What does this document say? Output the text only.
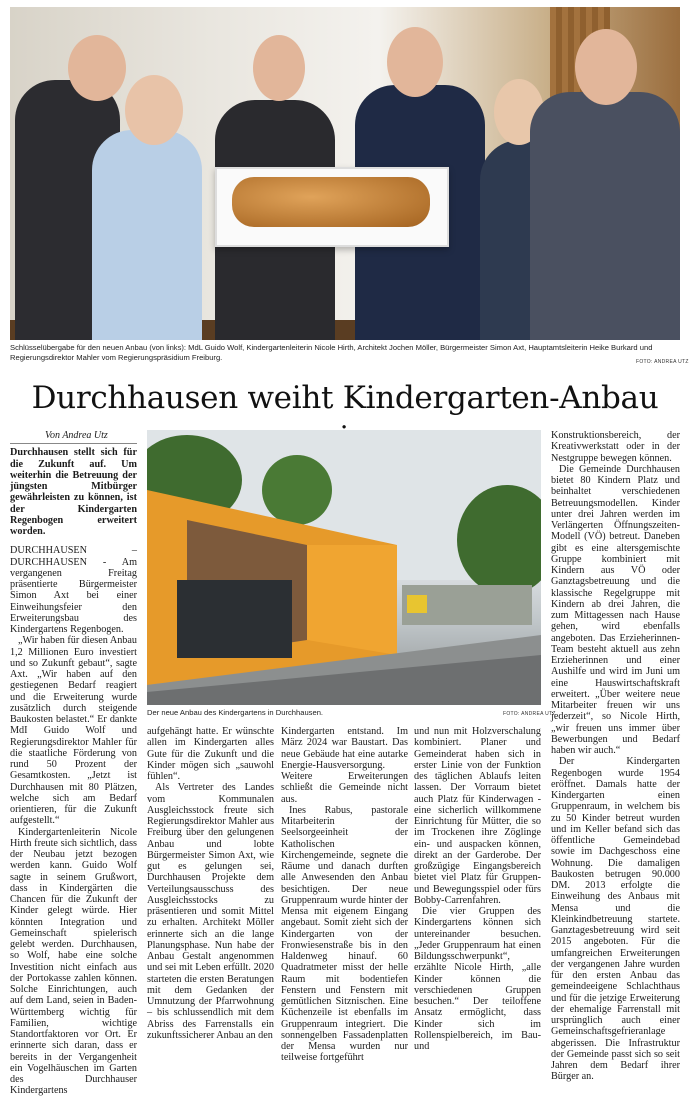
Schlüsselübergabe für den neuen Anbau (von links): MdL Guido Wolf, Kindergartenleiterin Nicole Hirth, Architekt Jochen Möller, Bürgermeister Simon Axt, Hauptamtsleiterin Heike Burkard und Regierungsdirektor Mahler vom Regierungspräsidium Freiburg.	FOTO: ANDREA UTZ
Durchhausen weiht Kindergarten-Anbau
Von Andrea Utz

Durchhausen stellt sich für die Zukunft auf. Um weiterhin die Betreuung der jüngsten Mitbürger gewährleisten zu können, ist der Kindergarten Regenbogen erweitert worden.

DURCHHAUSEN – DURCHHAUSEN - Am vergangenen Freitag präsentierte Bürgermeister Simon Axt bei einer Einweihungsfeier den Erweiterungsbau des Kindergartens Regenbogen.

„Wir haben für diesen Anbau 1,2 Millionen Euro investiert und so Zukunft gebaut“, sagte Axt. „Wir haben auf den gestiegenen Bedarf reagiert und die Erweiterung wurde zusätzlich durch steigende Baukosten belastet.“ Er dankte MdI Guido Wolf und Regierungsdirektor Mahler für die staatliche Förderung von rund 50 Prozent der Gesamtkosten. „Jetzt ist Durchhausen mit 80 Plätzen, welche sich am Bedarf orientieren, für die Zukunft aufgestellt.“

Kindergartenleiterin Nicole Hirth freute sich sichtlich, dass der Neubau jetzt bezogen werden kann. Guido Wolf sagte in seinem Grußwort, dass in Kindergärten die Chancen für die Zukunft der Kinder gelegt würde. Hier könnten Integration und Gemeinschaft spielerisch gelebt werden. Durchhausen, so Wolf, habe eine solche Investition nicht einfach aus der Portokasse zahlen können. Solche Einrichtungen, auch auf dem Land, seien in Baden-Württemberg wichtig für Familien, wichtige Standortfaktoren vor Ort. Er erinnerte sich daran, dass er bereits in der Vergangenheit ein Vogelhäuschen im Garten des Durchhauser Kindergartens

Der neue Anbau des Kindergartens in Durchhausen.	FOTO: ANDREA UTZ

aufgehängt hatte. Er wünschte allen im Kindergarten alles Gute für die Zukunft und die Kinder mögen sich „sauwohl fühlen“.

Als Vertreter des Landes vom Kommunalen Ausgleichsstock freute sich Regierungsdirektor Mahler aus Freiburg über den gelungenen Anbau und lobte Bürgermeister Simon Axt, wie gut es gelungen sei, Durchhausen Projekte dem Verteilungsausschuss des Ausgleichsstocks zu präsentieren und somit Mittel zu erhalten. Architekt Möller erinnerte sich an die lange Planungsphase. Nun habe der Anbau Gestalt angenommen und sei mit Leben erfüllt. 2020 starteten die ersten Beratungen mit dem Gedanken der Umnutzung der Pfarrwohnung – bis schlussendlich mit dem Abriss des Farrenstalls ein zukunftssicherer Anbau an den

Kindergarten entstand. Im März 2024 war Baustart. Das neue Gebäude hat eine autarke Energie-Hausversorgung. Weitere Erweiterungen schließt die Gemeinde nicht aus.

Ines Rabus, pastorale Mitarbeiterin der Seelsorgeeinheit der Katholischen Kirchengemeinde, segnete die Räume und danach durften alle Anwesenden den Anbau besichtigen. Der neue Gruppenraum wurde hinter der Mensa mit eigenem Eingang angebaut. Somit zieht sich der Kindergarten von der Fronwiesenstraße bis in den Haldenweg hinauf. 60 Quadratmeter misst der helle Raum mit bodentiefen Fenstern und Fenstern mit gemütlichen Sitznischen. Eine Küchenzeile ist ebenfalls im Gruppenraum integriert. Die sonnengelben Fassadenplatten der Mensa wurden nur teilweise fortgeführt

und nun mit Holzverschalung kombiniert. Planer und Gemeinderat haben sich in erster Linie von der Funktion des täglichen Ablaufs leiten lassen. Der Vorraum bietet auch Platz für Kinderwagen - eine sicherlich willkommene Einrichtung für Mütter, die so im Trockenen ihre Zöglinge ein- und auspacken können, direkt an der Garderobe. Der großzügige Eingangsbereich bietet viel Platz für Gruppen- und Bewegungsspiel oder fürs Bobby-Carrenfahren.

Die vier Gruppen des Kindergartens können sich untereinander besuchen. „Jeder Gruppenraum hat einen Bildungsschwerpunkt“, erzählte Nicole Hirth, „alle Kinder können die verschiedenen Gruppen besuchen.“ Der teiloffene Ansatz ermöglicht, dass Kinder sich im Rollenspielbereich, im Bau- und

Konstruktionsbereich, der Kreativwerkstatt oder in der Nestgruppe bewegen können.

Die Gemeinde Durchhausen bietet 80 Kindern Platz und beinhaltet verschiedenen Betreuungsmodellen. Kinder unter drei Jahren werden im Verlängerten Öffnungszeiten-Modell (VÖ) betreut. Daneben gibt es eine altersgemischte Gruppe kombiniert mit Kindern aus VÖ oder Ganztagsbetreuung und die klassische Regelgruppe mit Kindern ab drei Jahren, die zum Mittagessen nach Hause gehen, wird ebenfalls angeboten. Das Erzieherinnen-Team besteht aktuell aus zehn Erzieherinnen und einer Aushilfe und wird im Juni um eine Hauswirtschaftskraft erweitert. „Über weitere neue Mitarbeiter freuen wir uns jederzeit“, so Nicole Hirth, „wir freuen uns immer über Bewerbungen und Bedarf haben wir auch.“

Der Kindergarten Regenbogen wurde 1954 eröffnet. Damals hatte der Kindergarten einen Gruppenraum, in welchem bis zu 50 Kinder betreut wurden und im Keller befand sich das öffentliche Gemeindebad sowie im Dachgeschoss eine Wohnung. Die damaligen Baukosten betrugen 90.000 DM. 2013 erfolgte die Einweihung des Anbaus mit Mensa und die Kleinkindbetreuung startete. Ganztagesbetreuung wird seit 2015 angeboten. Für die umfangreichen Erweiterungen der vergangenen Jahre wurden für den ersten Anbau das gemeindeeigene Schlachthaus und für die jetzige Erweiterung der ehemalige Farrenstall mit ursprünglich auch einer Gemeinschaftsgefrieranlage abgerissen. Die Infrastruktur der Gemeinde passt sich so seit Jahren dem Bedarf ihrer Bürger an.
